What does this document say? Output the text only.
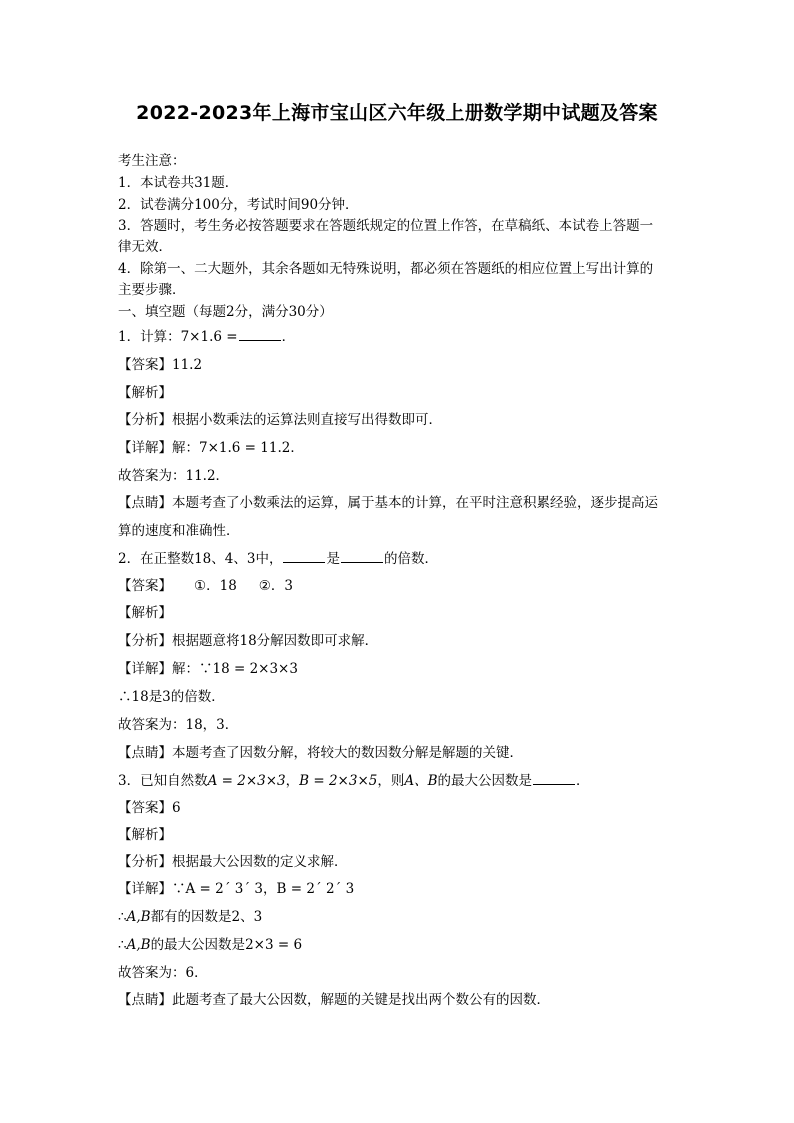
2022-2023年上海市宝山区六年级上册数学期中试题及答案
考生注意：
1．本试卷共31题．
2．试卷满分100分，考试时间90分钟．
3．答题时，考生务必按答题要求在答题纸规定的位置上作答，在草稿纸、本试卷上答题一
律无效．
4．除第一、二大题外，其余各题如无特殊说明，都必须在答题纸的相应位置上写出计算的
主要步骤．
一、填空题（每题2分，满分30分）
1．计算：7×1.6 =	．
【答案】11.2
【解析】
【分析】根据小数乘法的运算法则直接写出得数即可．
【详解】解：7×1.6 = 11.2．
故答案为：11.2．
【点睛】本题考查了小数乘法的运算，属于基本的计算，在平时注意积累经验，逐步提高运
算的速度和准确性．
2．在正整数18、4、3中，	是	的倍数．
【答案】 ①．18 ②．3
【解析】
【分析】根据题意将18分解因数即可求解．
【详解】解：∵18 = 2×3×3
∴18是3的倍数．
故答案为：18，3．
【点睛】本题考查了因数分解，将较大的数因数分解是解题的关键．
3．已知自然数A = 2×3×3，B = 2×3×5，则A、B的最大公因数是	．
【答案】6
【解析】
【分析】根据最大公因数的定义求解．
【详解】∵A = 2´ 3´ 3，B = 2´ 2´ 3
∴A,B都有的因数是2、3
∴A,B的最大公因数是2×3 = 6
故答案为：6．
【点睛】此题考查了最大公因数，解题的关键是找出两个数公有的因数．
